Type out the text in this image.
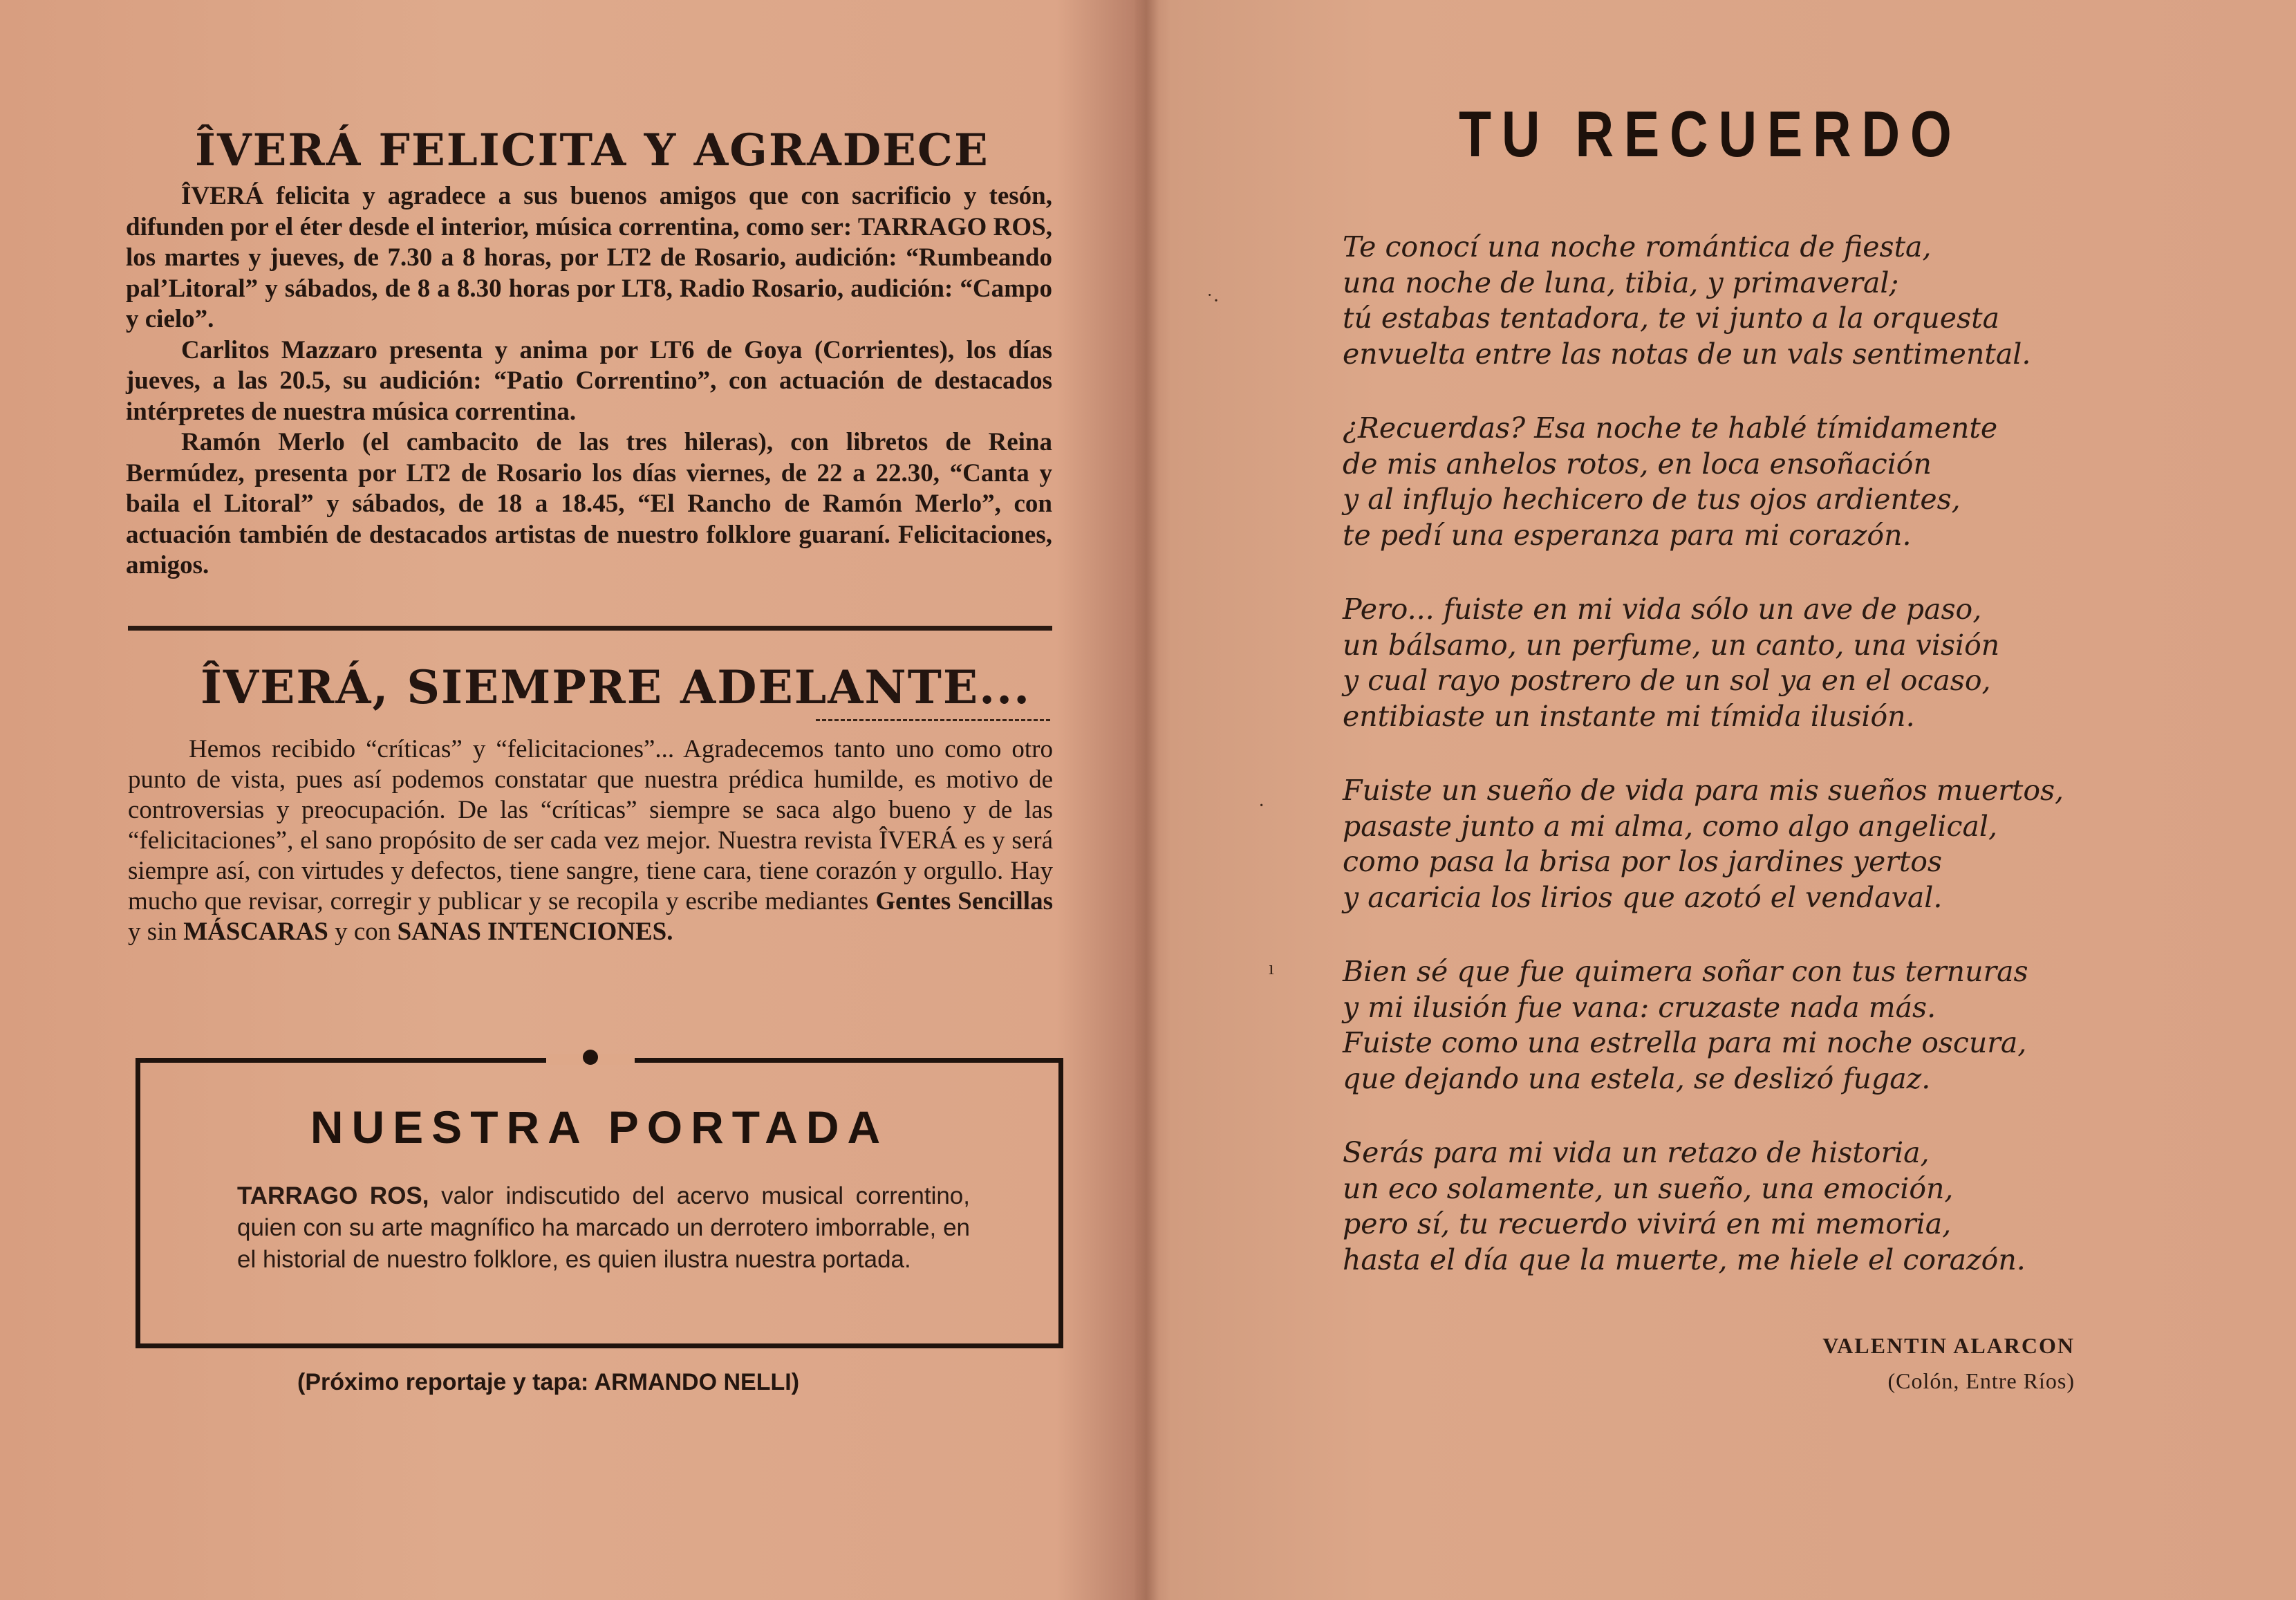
ÎVERÁ FELICITA Y AGRADECE

ÎVERÁ felicita y agradece a sus buenos amigos que con sacrificio y tesón, difunden por el éter desde el interior, música correntina, como ser: TARRAGO ROS, los martes y jueves, de 7.30 a 8 horas, por LT2 de Rosario, audición: “Rumbeando pal’Litoral” y sábados, de 8 a 8.30 horas por LT8, Radio Rosario, audición: “Campo y cielo”.

Carlitos Mazzaro presenta y anima por LT6 de Goya (Corrientes), los días jueves, a las 20.5, su audición: “Patio Correntino”, con actuación de destacados intérpretes de nuestra música correntina.

Ramón Merlo (el cambacito de las tres hileras), con libretos de Reina Bermúdez, presenta por LT2 de Rosario los días viernes, de 22 a 22.30, “Canta y baila el Litoral” y sábados, de 18 a 18.45, “El Rancho de Ramón Merlo”, con actuación también de destacados artistas de nuestro folklore guaraní. Felicitaciones, amigos.

ÎVERÁ, SIEMPRE ADELANTE...

Hemos recibido “críticas” y “felicitaciones”... Agradecemos tanto uno como otro punto de vista, pues así podemos constatar que nuestra prédica humilde, es motivo de controversias y preocupación. De las “críticas” siempre se saca algo bueno y de las “felicitaciones”, el sano propósito de ser cada vez mejor. Nuestra revista ÎVERÁ es y será siempre así, con virtudes y defectos, tiene sangre, tiene cara, tiene corazón y orgullo. Hay mucho que revisar, corregir y publicar y se recopila y escribe mediantes Gentes Sencillas y sin MÁSCARAS y con SANAS INTENCIONES.

NUESTRA PORTADA
TARRAGO ROS, valor indiscutido del acervo musical correntino, quien con su arte magnífico ha marcado un derrotero imborrable, en el historial de nuestro folklore, es quien ilustra nuestra portada.
(Próximo reportaje y tapa: ARMANDO NELLI)
TU RECUERDO
Te conocí una noche romántica de fiesta,
una noche de luna, tibia, y primaveral;
tú estabas tentadora, te vi junto a la orquesta
envuelta entre las notas de un vals sentimental.
¿Recuerdas? Esa noche te hablé tímidamente
de mis anhelos rotos, en loca ensoñación
y al influjo hechicero de tus ojos ardientes,
te pedí una esperanza para mi corazón.
Pero... fuiste en mi vida sólo un ave de paso,
un bálsamo, un perfume, un canto, una visión
y cual rayo postrero de un sol ya en el ocaso,
entibiaste un instante mi tímida ilusión.
Fuiste un sueño de vida para mis sueños muertos,
pasaste junto a mi alma, como algo angelical,
como pasa la brisa por los jardines yertos
y acaricia los lirios que azotó el vendaval.
Bien sé que fue quimera soñar con tus ternuras
y mi ilusión fue vana: cruzaste nada más.
Fuiste como una estrella para mi noche oscura,
que dejando una estela, se deslizó fugaz.
Serás para mi vida un retazo de historia,
un eco solamente, un sueño, una emoción,
pero sí, tu recuerdo vivirá en mi memoria,
hasta el día que la muerte, me hiele el corazón.
VALENTIN ALARCON
(Colón, Entre Ríos)
˙·
·
ı
